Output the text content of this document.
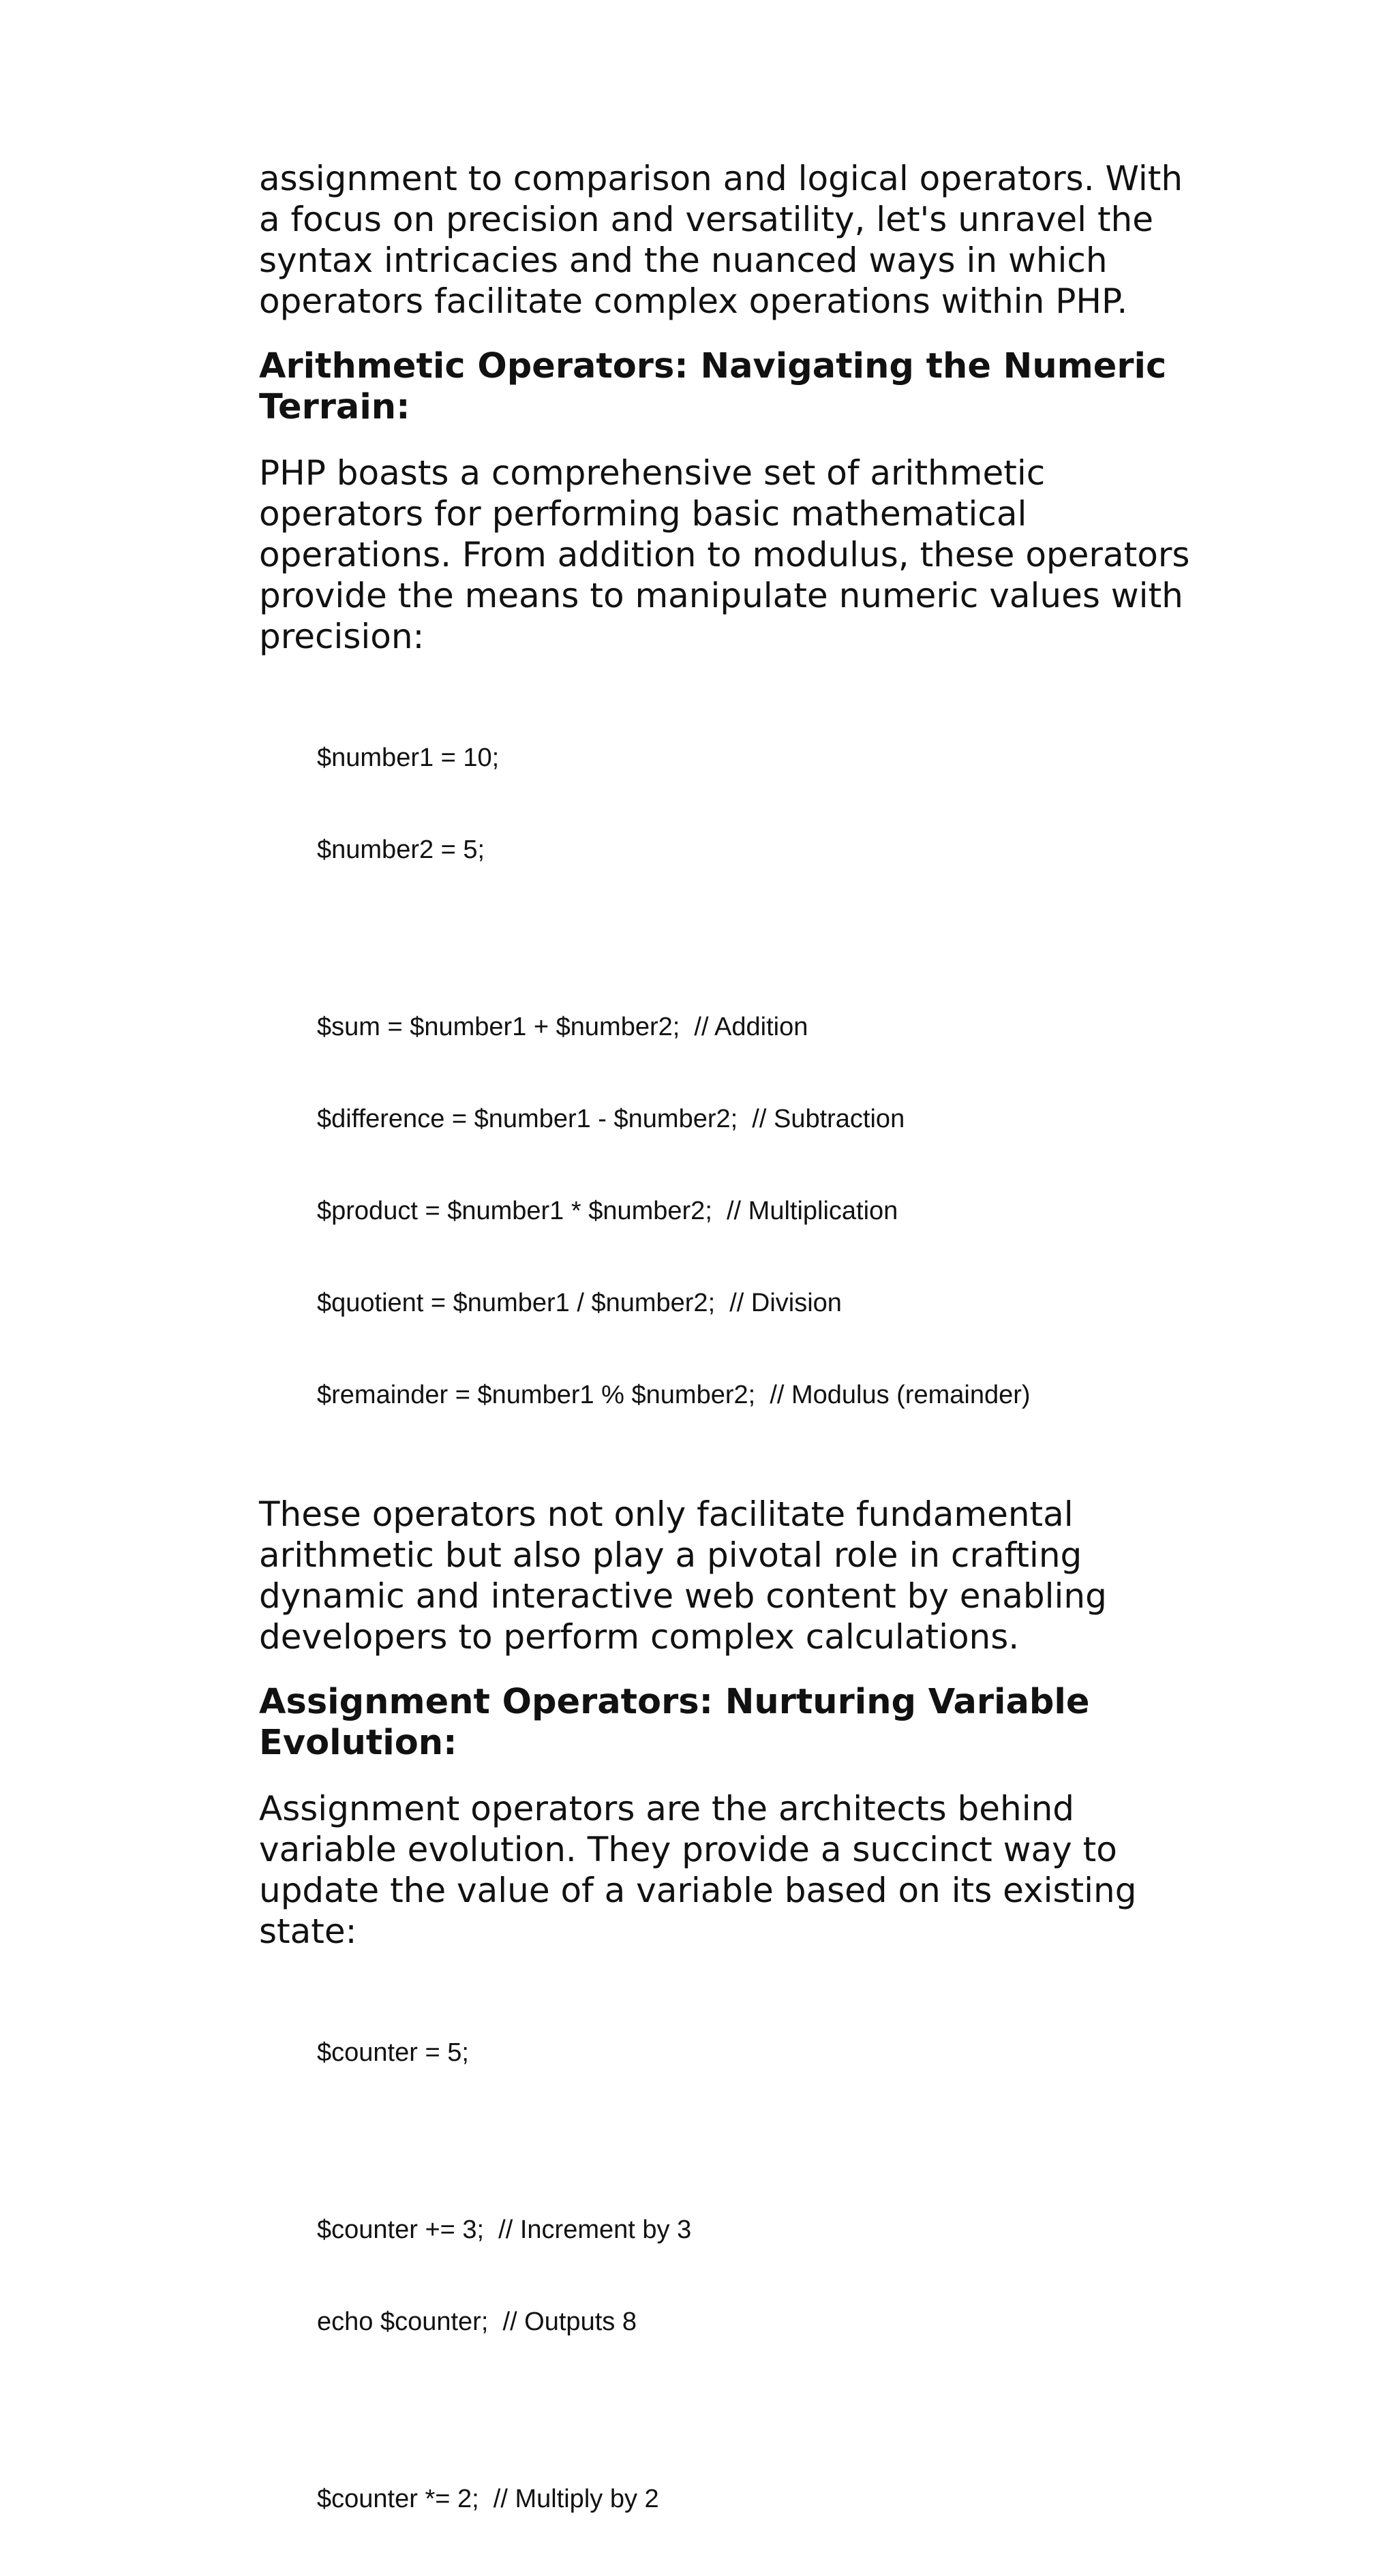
assignment to comparison and logical operators. With
a focus on precision and versatility, let's unravel the
syntax intricacies and the nuanced ways in which
operators facilitate complex operations within PHP.

Arithmetic Operators: Navigating the Numeric
Terrain:

PHP boasts a comprehensive set of arithmetic
operators for performing basic mathematical
operations. From addition to modulus, these operators
provide the means to manipulate numeric values with
precision:

$number1 = 10;

$number2 = 5;

$sum = $number1 + $number2;  // Addition

$difference = $number1 - $number2;  // Subtraction

$product = $number1 * $number2;  // Multiplication

$quotient = $number1 / $number2;  // Division

$remainder = $number1 % $number2;  // Modulus (remainder)

These operators not only facilitate fundamental
arithmetic but also play a pivotal role in crafting
dynamic and interactive web content by enabling
developers to perform complex calculations.

Assignment Operators: Nurturing Variable
Evolution:

Assignment operators are the architects behind
variable evolution. They provide a succinct way to
update the value of a variable based on its existing
state:

$counter = 5;

$counter += 3;  // Increment by 3

echo $counter;  // Outputs 8

$counter *= 2;  // Multiply by 2
